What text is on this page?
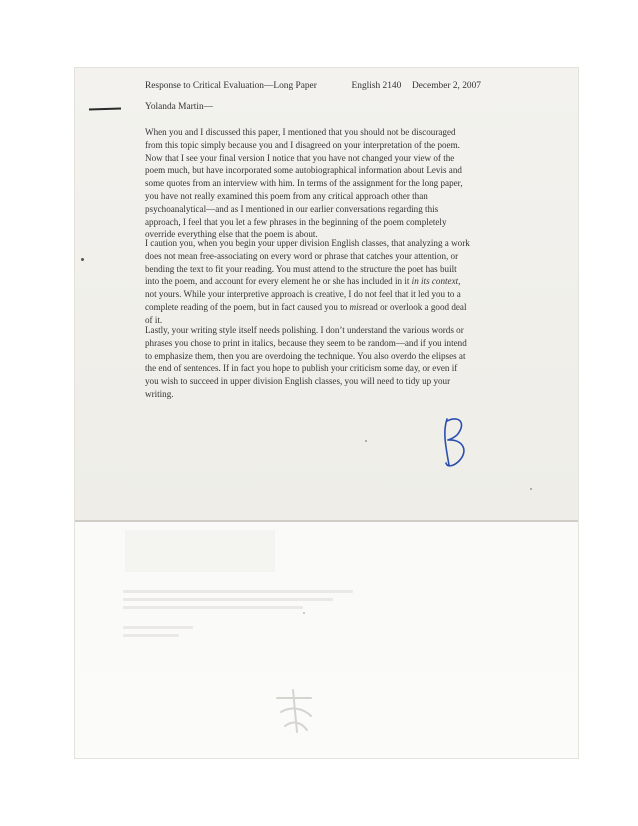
Response to Critical Evaluation—Long Paper	English 2140 December 2, 2007
Yolanda Martin—
When you and I discussed this paper, I mentioned that you should not be discouraged
from this topic simply because you and I disagreed on your interpretation of the poem.
Now that I see your final version I notice that you have not changed your view of the
poem much, but have incorporated some autobiographical information about Levis and
some quotes from an interview with him. In terms of the assignment for the long paper,
you have not really examined this poem from any critical approach other than
psychoanalytical—and as I mentioned in our earlier conversations regarding this
approach, I feel that you let a few phrases in the beginning of the poem completely
override everything else that the poem is about.
I caution you, when you begin your upper division English classes, that analyzing a work
does not mean free-associating on every word or phrase that catches your attention, or
bending the text to fit your reading. You must attend to the structure the poet has built
into the poem, and account for every element he or she has included in it in its context,
not yours. While your interpretive approach is creative, I do not feel that it led you to a
complete reading of the poem, but in fact caused you to misread or overlook a good deal
of it.
Lastly, your writing style itself needs polishing. I don’t understand the various words or
phrases you chose to print in italics, because they seem to be random—and if you intend
to emphasize them, then you are overdoing the technique. You also overdo the elipses at
the end of sentences. If in fact you hope to publish your criticism some day, or even if
you wish to succeed in upper division English classes, you will need to tidy up your
writing.
